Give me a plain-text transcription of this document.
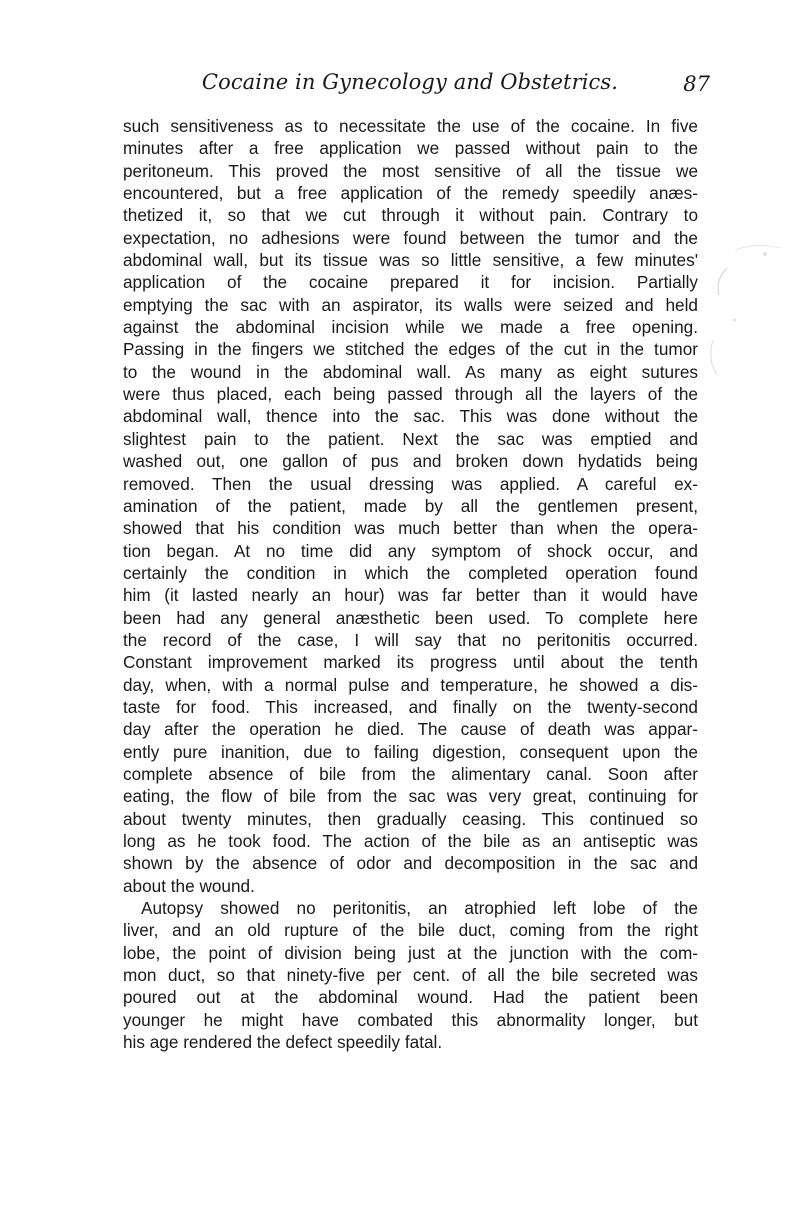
Cocaine in Gynecology and Obstetrics.	87
such sensitiveness as to necessitate the use of the cocaine. In five
minutes after a free application we passed without pain to the
peritoneum. This proved the most sensitive of all the tissue we
encountered, but a free application of the remedy speedily anæs-
thetized it, so that we cut through it without pain. Contrary to
expectation, no adhesions were found between the tumor and the
abdominal wall, but its tissue was so little sensitive, a few minutes'
application of the cocaine prepared it for incision. Partially
emptying the sac with an aspirator, its walls were seized and held
against the abdominal incision while we made a free opening.
Passing in the fingers we stitched the edges of the cut in the tumor
to the wound in the abdominal wall. As many as eight sutures
were thus placed, each being passed through all the layers of the
abdominal wall, thence into the sac. This was done without the
slightest pain to the patient. Next the sac was emptied and
washed out, one gallon of pus and broken down hydatids being
removed. Then the usual dressing was applied. A careful ex-
amination of the patient, made by all the gentlemen present,
showed that his condition was much better than when the opera-
tion began. At no time did any symptom of shock occur, and
certainly the condition in which the completed operation found
him (it lasted nearly an hour) was far better than it would have
been had any general anæsthetic been used. To complete here
the record of the case, I will say that no peritonitis occurred.
Constant improvement marked its progress until about the tenth
day, when, with a normal pulse and temperature, he showed a dis-
taste for food. This increased, and finally on the twenty-second
day after the operation he died. The cause of death was appar-
ently pure inanition, due to failing digestion, consequent upon the
complete absence of bile from the alimentary canal. Soon after
eating, the flow of bile from the sac was very great, continuing for
about twenty minutes, then gradually ceasing. This continued so
long as he took food. The action of the bile as an antiseptic was
shown by the absence of odor and decomposition in the sac and
about the wound.
Autopsy showed no peritonitis, an atrophied left lobe of the
liver, and an old rupture of the bile duct, coming from the right
lobe, the point of division being just at the junction with the com-
mon duct, so that ninety-five per cent. of all the bile secreted was
poured out at the abdominal wound. Had the patient been
younger he might have combated this abnormality longer, but
his age rendered the defect speedily fatal.
